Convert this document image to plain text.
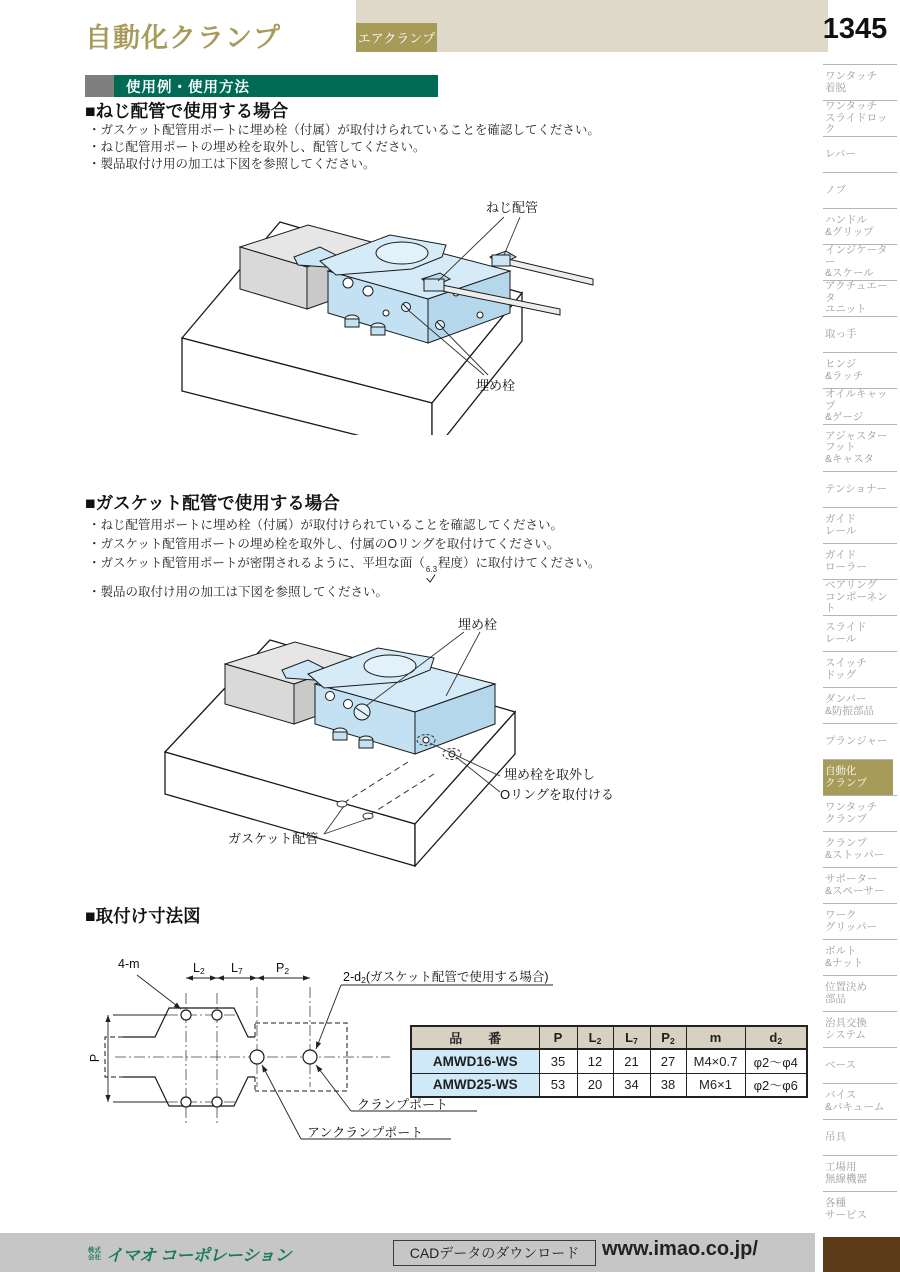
自動化クランプ	エアクランプ	1345
使用例・使用方法
■ねじ配管で使用する場合
・ガスケット配管用ポートに埋め栓（付属）が取付けられていることを確認してください。
・ねじ配管用ポートの埋め栓を取外し、配管してください。
・製品取付け用の加工は下図を参照してください。
ねじ配管
埋め栓
■ガスケット配管で使用する場合
・ねじ配管用ポートに埋め栓（付属）が取付けられていることを確認してください。
・ガスケット配管用ポートの埋め栓を取外し、付属のOリングを取付けてください。
・ガスケット配管用ポートが密閉されるように、平坦な面（ 6.3 程度）に取付けてください。
・製品の取付け用の加工は下図を参照してください。
埋め栓
ガスケット配管
埋め栓を取外し
Oリングを取付ける
■取付け寸法図
4-m	$L_2$ $L_7$	$P_2$
P
$2-d_2$(ガスケット配管で使用する場合)
クランプポート
アンクランプポート
品　　番	P	$L_2$	$L_7$	$P_2$	m	$d_2$
AMWD16-WS	35	12	21	27	M4×0.7	φ2～φ4
AMWD25-WS	53	20	34	38	M6×1	φ2～φ6
ワンタッチ
着脱
ワンタッチ
スライドロック
レバー
ノブ
ハンドル
&グリップ
インジケーター
&スケール
アクチュエータ
ユニット
取っ手
ヒンジ
&ラッチ
オイルキャップ
&ゲージ
アジャスター
フット
&キャスタ
テンショナー
ガイド
レール
ガイド
ローラー
ベアリング
コンポーネント
スライド
レール
スイッチ
ドッグ
ダンパー
&防振部品
プランジャー
自動化
クランプ
ワンタッチ
クランプ
クランプ
&ストッパー
サポーター
&スペーサー
ワーク
グリッパー
ボルト
&ナット
位置決め
部品
治具交換
システム
ベース
バイス
&バキューム
吊具
工場用
無線機器
各種
サービス
株式会社 イマオ コーポレーション	CADデータのダウンロード	www.imao.co.jp/
